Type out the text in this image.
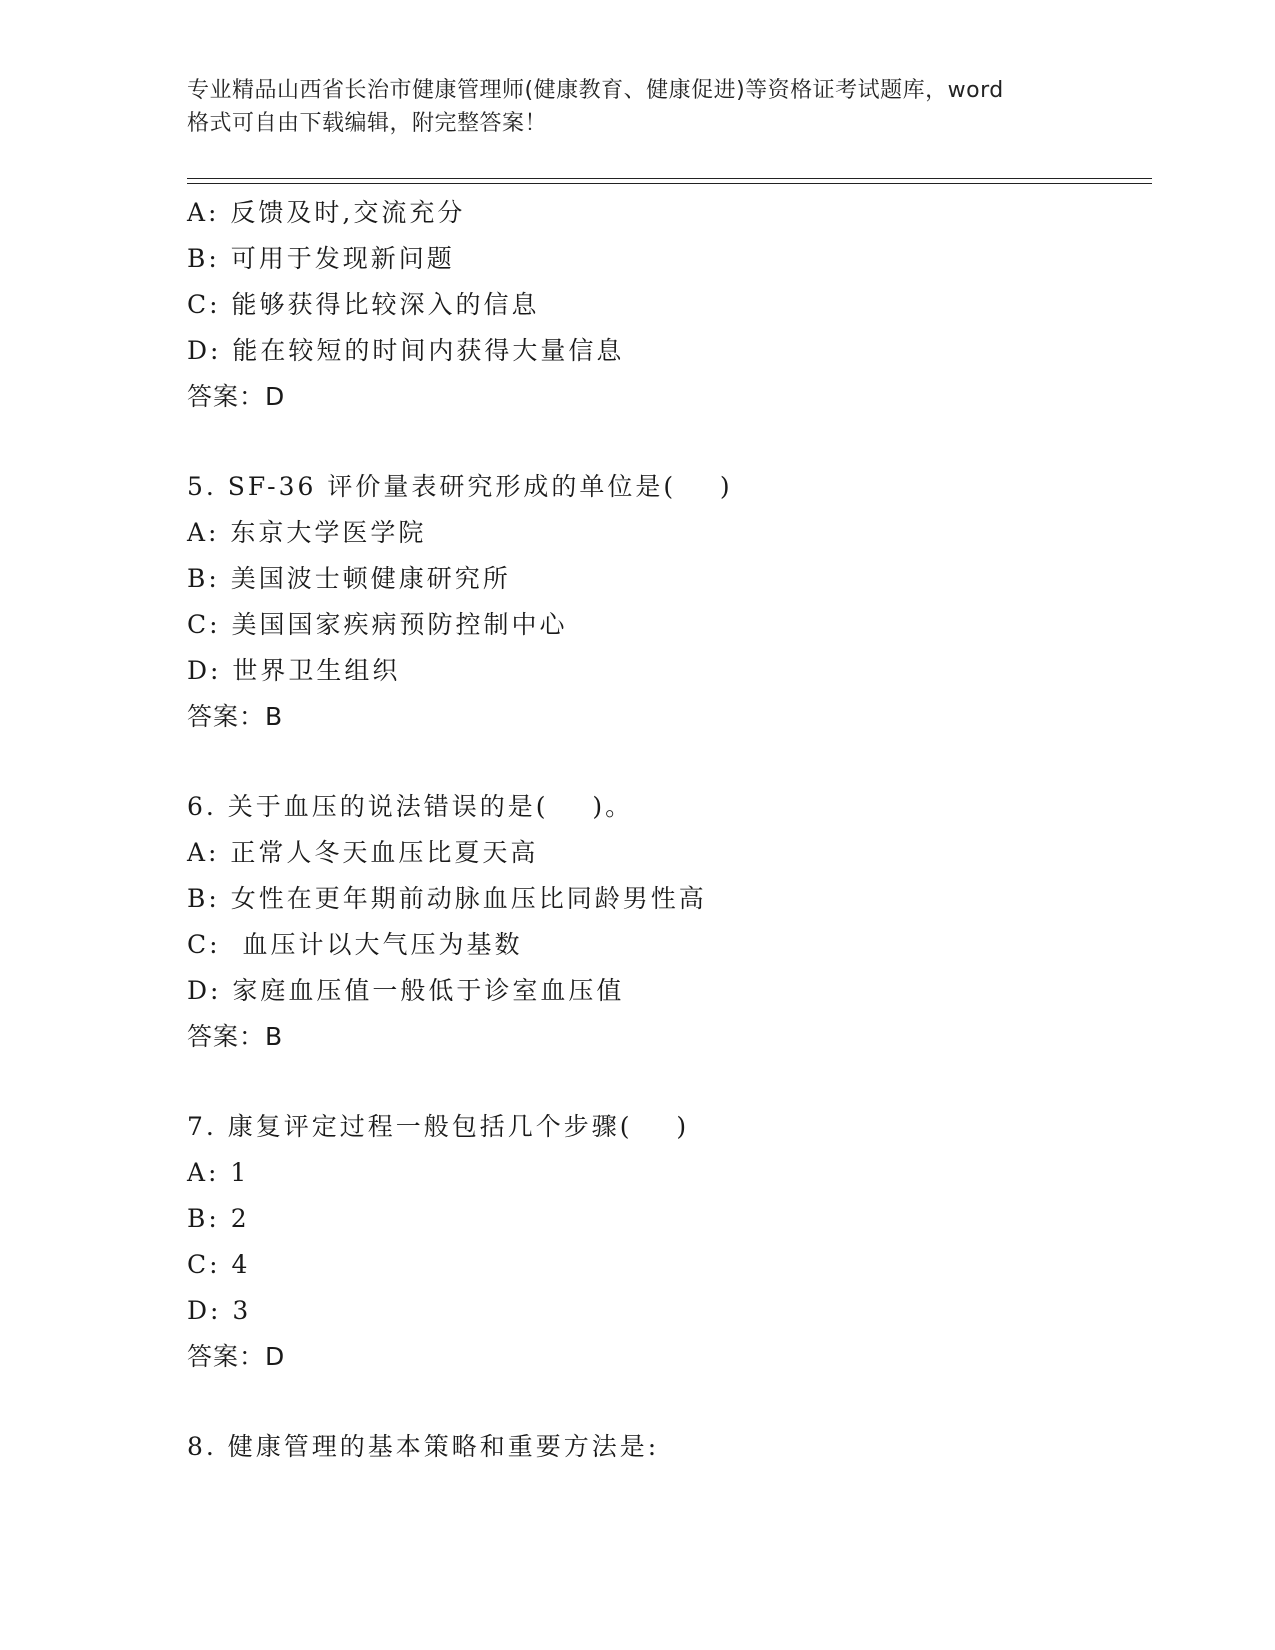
专业精品山西省长治市健康管理师(健康教育、健康促进)等资格证考试题库，word
格式可自由下载编辑，附完整答案！
A: 反馈及时,交流充分
B: 可用于发现新问题
C: 能够获得比较深入的信息
D: 能在较短的时间内获得大量信息
答案：D
5. SF-36 评价量表研究形成的单位是(    )
A: 东京大学医学院
B: 美国波士顿健康研究所
C: 美国国家疾病预防控制中心
D: 世界卫生组织
答案：B
6. 关于血压的说法错误的是(    )。
A: 正常人冬天血压比夏天高
B: 女性在更年期前动脉血压比同龄男性高
C:  血压计以大气压为基数
D: 家庭血压值一般低于诊室血压值
答案：B
7. 康复评定过程一般包括几个步骤(    )
A: 1
B: 2
C: 4
D: 3
答案：D
8. 健康管理的基本策略和重要方法是:
